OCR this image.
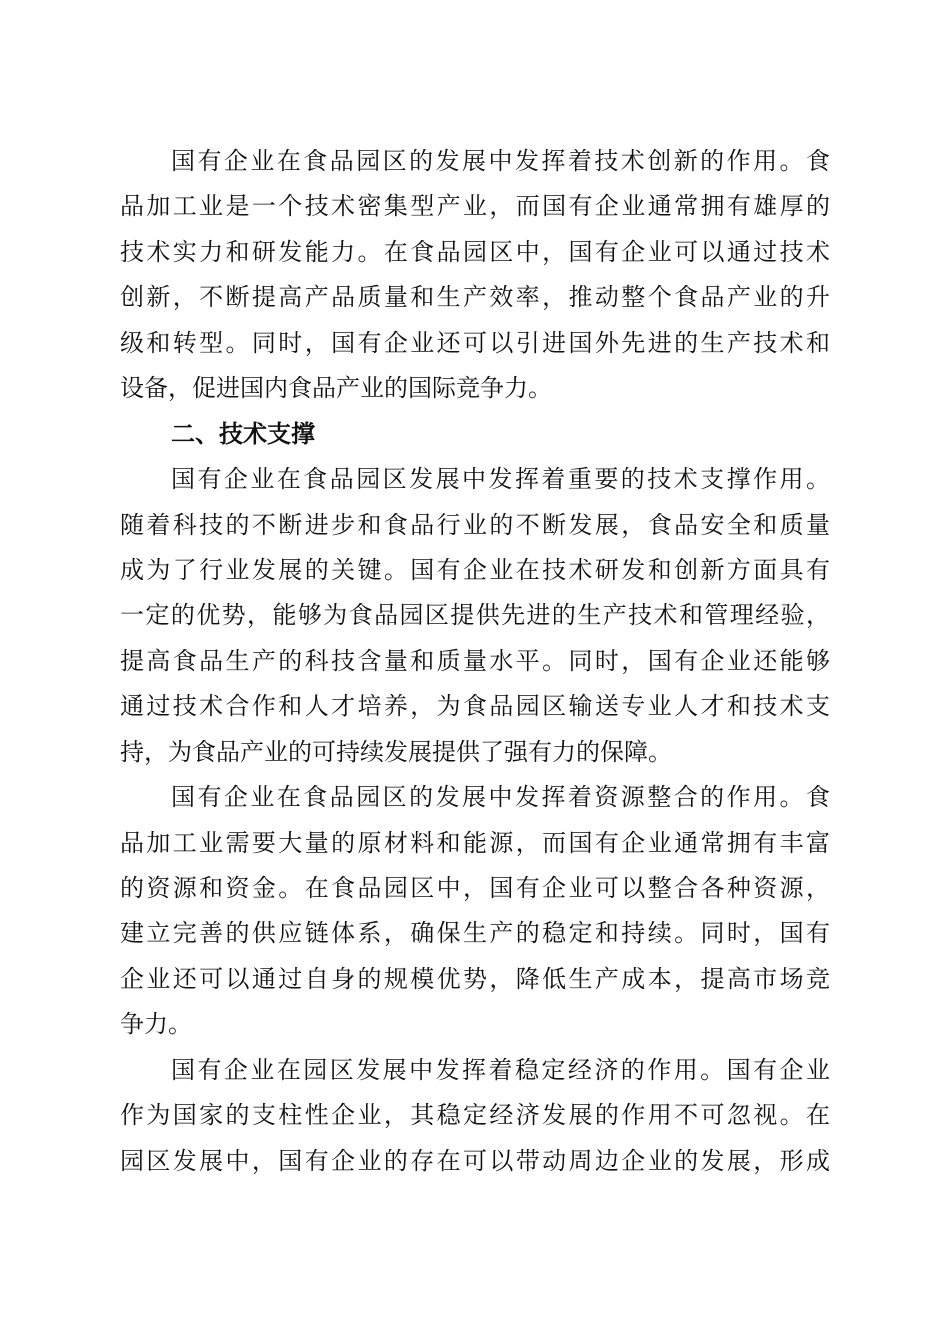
国有企业在食品园区的发展中发挥着技术创新的作用。食
品加工业是一个技术密集型产业，而国有企业通常拥有雄厚的
技术实力和研发能力。在食品园区中，国有企业可以通过技术
创新，不断提高产品质量和生产效率，推动整个食品产业的升
级和转型。同时，国有企业还可以引进国外先进的生产技术和
设备，促进国内食品产业的国际竞争力。
二、技术支撑
国有企业在食品园区发展中发挥着重要的技术支撑作用。
随着科技的不断进步和食品行业的不断发展，食品安全和质量
成为了行业发展的关键。国有企业在技术研发和创新方面具有
一定的优势，能够为食品园区提供先进的生产技术和管理经验，
提高食品生产的科技含量和质量水平。同时，国有企业还能够
通过技术合作和人才培养，为食品园区输送专业人才和技术支
持，为食品产业的可持续发展提供了强有力的保障。
国有企业在食品园区的发展中发挥着资源整合的作用。食
品加工业需要大量的原材料和能源，而国有企业通常拥有丰富
的资源和资金。在食品园区中，国有企业可以整合各种资源，
建立完善的供应链体系，确保生产的稳定和持续。同时，国有
企业还可以通过自身的规模优势，降低生产成本，提高市场竞
争力。
国有企业在园区发展中发挥着稳定经济的作用。国有企业
作为国家的支柱性企业，其稳定经济发展的作用不可忽视。在
园区发展中，国有企业的存在可以带动周边企业的发展，形成
